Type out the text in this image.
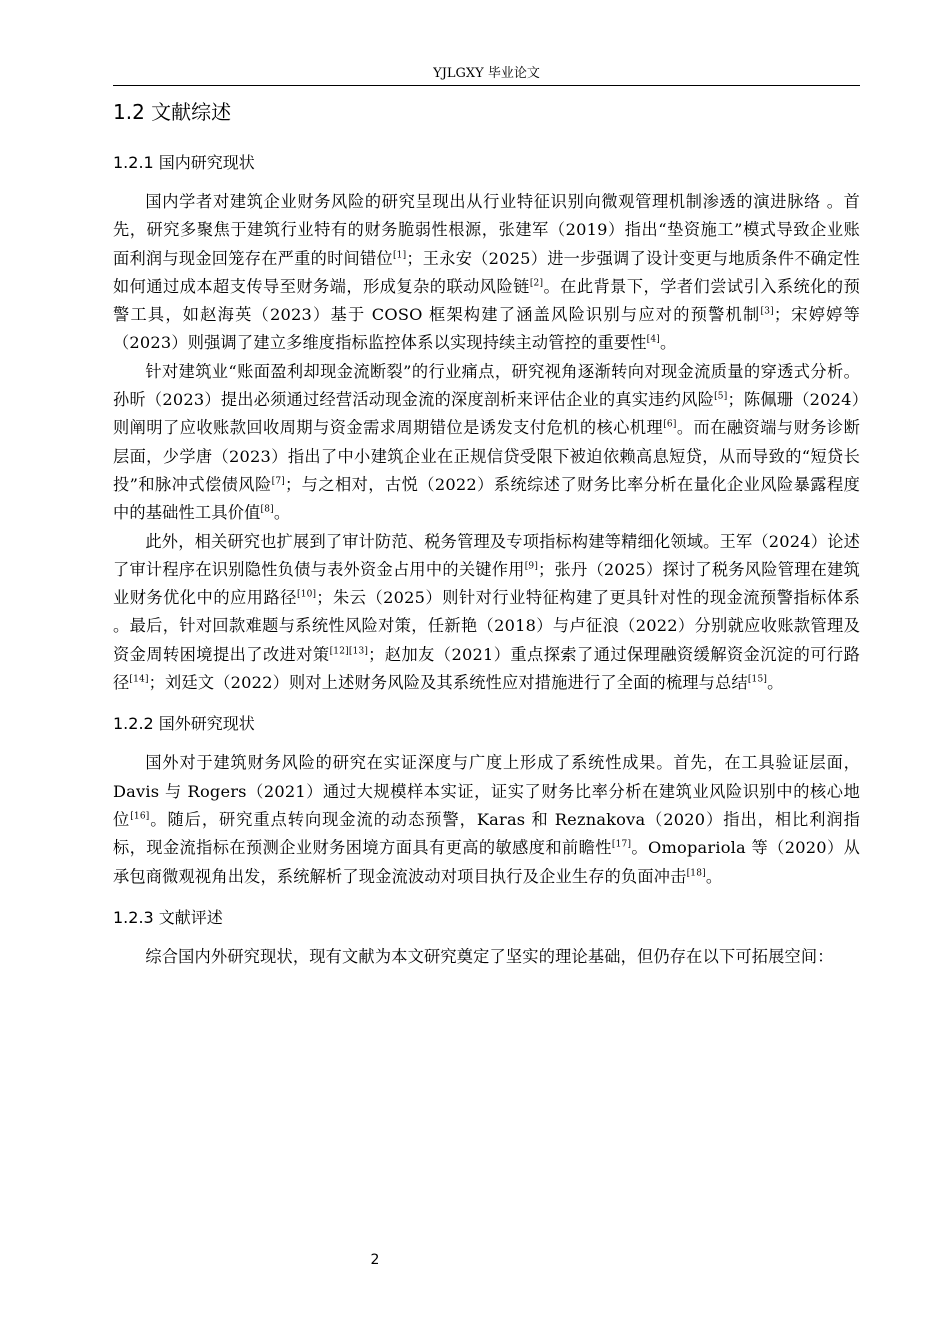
YJLGXY 毕业论文
1.2 文献综述
1.2.1 国内研究现状

国内学者对建筑企业财务风险的研究呈现出从行业特征识别向微观管理机制渗透的演进脉络 。首先，研究多聚焦于建筑行业特有的财务脆弱性根源，张建军（2019）指出“垫资施工”模式导致企业账面利润与现金回笼存在严重的时间错位[1]；王永安（2025）进一步强调了设计变更与地质条件不确定性如何通过成本超支传导至财务端，形成复杂的联动风险链[2]。在此背景下，学者们尝试引入系统化的预警工具，如赵海英（2023）基于 COSO 框架构建了涵盖风险识别与应对的预警机制[3]；宋婷婷等（2023）则强调了建立多维度指标监控体系以实现持续主动管控的重要性[4]。

针对建筑业“账面盈利却现金流断裂”的行业痛点，研究视角逐渐转向对现金流质量的穿透式分析。孙昕（2023）提出必须通过经营活动现金流的深度剖析来评估企业的真实违约风险[5]；陈佩珊（2024）则阐明了应收账款回收周期与资金需求周期错位是诱发支付危机的核心机理[6]。而在融资端与财务诊断层面，少学唐（2023）指出了中小建筑企业在正规信贷受限下被迫依赖高息短贷，从而导致的“短贷长投”和脉冲式偿债风险[7]；与之相对，古悦（2022）系统综述了财务比率分析在量化企业风险暴露程度中的基础性工具价值[8]。

此外，相关研究也扩展到了审计防范、税务管理及专项指标构建等精细化领域。王军（2024）论述了审计程序在识别隐性负债与表外资金占用中的关键作用[9]；张丹（2025）探讨了税务风险管理在建筑业财务优化中的应用路径[10]；朱云（2025）则针对行业特征构建了更具针对性的现金流预警指标体系 。最后，针对回款难题与系统性风险对策，任新艳（2018）与卢征浪（2022）分别就应收账款管理及资金周转困境提出了改进对策[12][13]；赵加友（2021）重点探索了通过保理融资缓解资金沉淀的可行路径[14]；刘廷文（2022）则对上述财务风险及其系统性应对措施进行了全面的梳理与总结[15]。

1.2.2 国外研究现状

国外对于建筑财务风险的研究在实证深度与广度上形成了系统性成果。首先，在工具验证层面，Davis 与 Rogers（2021）通过大规模样本实证，证实了财务比率分析在建筑业风险识别中的核心地位[16]。随后，研究重点转向现金流的动态预警，Karas 和 Reznakova（2020）指出，相比利润指标，现金流指标在预测企业财务困境方面具有更高的敏感度和前瞻性[17]。Omopariola 等（2020）从承包商微观视角出发，系统解析了现金流波动对项目执行及企业生存的负面冲击[18]。

1.2.3 文献评述

综合国内外研究现状，现有文献为本文研究奠定了坚实的理论基础，但仍存在以下可拓展空间：

2
